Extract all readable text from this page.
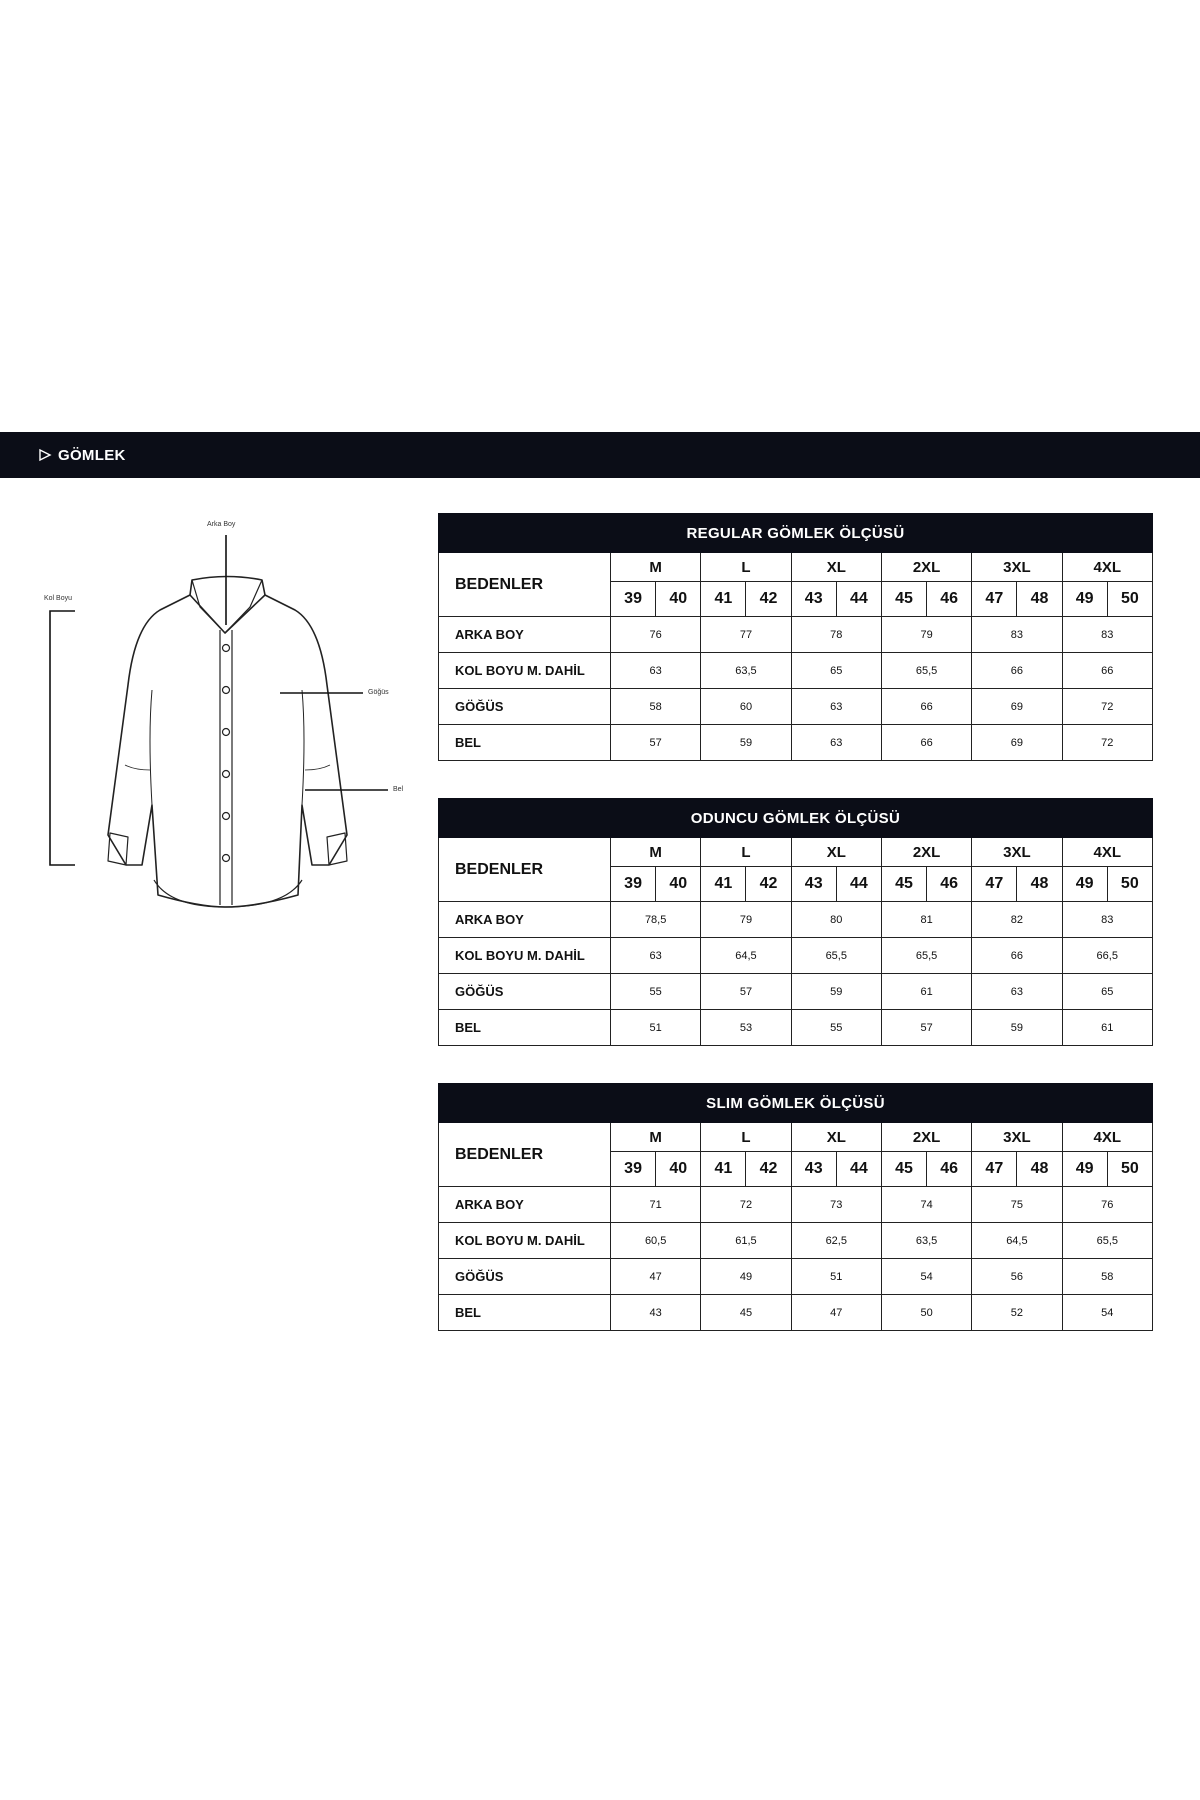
GÖMLEK
Arka Boy
Kol Boyu
Göğüs
Bel
REGULAR GÖMLEK ÖLÇÜSÜ												
BEDENLER	M		L		XL		2XL		3XL		4XL	
	39	40	41	42	43	44	45	46	47	48	49	50
ARKA BOY	76		77		78		79		83		83	
KOL BOYU M. DAHİL	63		63,5		65		65,5		66		66	
GÖĞÜS	58		60		63		66		69		72	
BEL	57		59		63		66		69		72	
ODUNCU GÖMLEK ÖLÇÜSÜ												
BEDENLER	M		L		XL		2XL		3XL		4XL	
	39	40	41	42	43	44	45	46	47	48	49	50
ARKA BOY	78,5		79		80		81		82		83	
KOL BOYU M. DAHİL	63		64,5		65,5		65,5		66		66,5	
GÖĞÜS	55		57		59		61		63		65	
BEL	51		53		55		57		59		61	
SLIM GÖMLEK ÖLÇÜSÜ												
BEDENLER	M		L		XL		2XL		3XL		4XL	
	39	40	41	42	43	44	45	46	47	48	49	50
ARKA BOY	71		72		73		74		75		76	
KOL BOYU M. DAHİL	60,5		61,5		62,5		63,5		64,5		65,5	
GÖĞÜS	47		49		51		54		56		58	
BEL	43		45		47		50		52		54	
